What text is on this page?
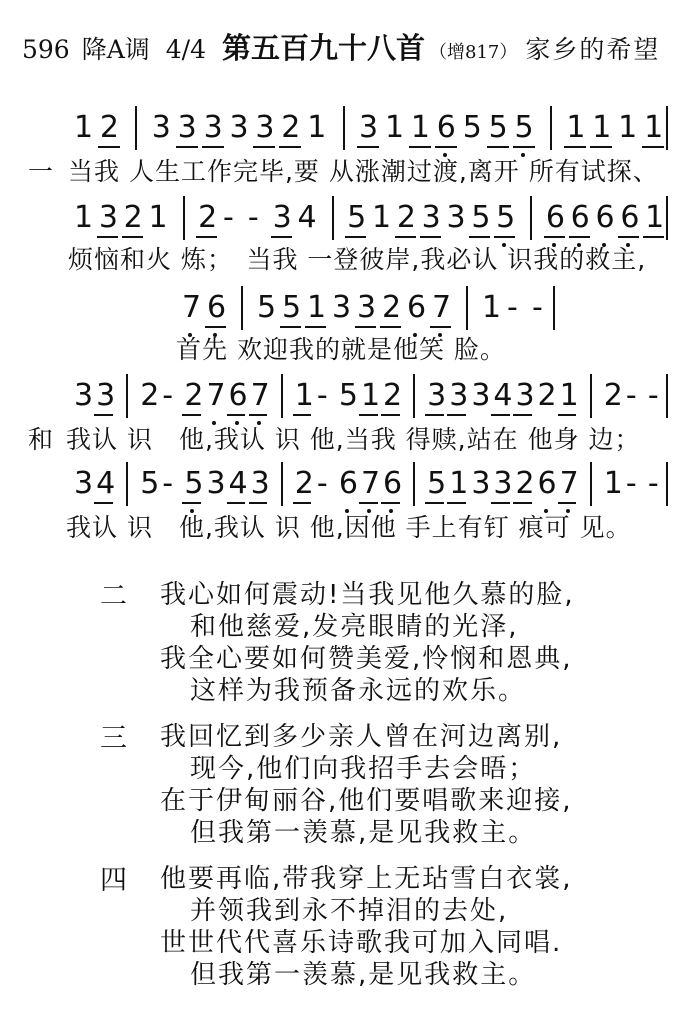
596 降A调 4/4 第五百九十八首 （增817） 家乡的希望
1 2 3 3 3 3 3 2 1 3 1 1 6 5 5 5 1 1 1 1
一 当我 人生工作完毕,要 从涨潮过渡,离开 所有试探、
1 3 2 1 2 - - 3 4 5 1 2 3 3 5 5 6 6 6 6 1
烦恼和火 炼；　当我 一登彼岸,我必认 识我的救主,
7 6 5 5 1 3 3 2 6 7 1 - -
首先 欢迎我的就是他笑 脸。
3 3 2 - 2 7 6 7 1 - 5 1 2 3 3 3 4 3 2 1 2 - -
和 我认 识　他,我认 识 他,当我 得赎,站在 他身 边；
3 4 5 - 5 3 4 3 2 - 6 7 6 5 1 3 3 2 6 7 1 - -
我认 识　他,我认 识 他,因他 手上有钉 痕可 见。
二 我心如何震动!当我见他久慕的脸,
和他慈爱,发亮眼睛的光泽,
我全心要如何赞美爱,怜悯和恩典,
这样为我预备永远的欢乐。
三 我回忆到多少亲人曾在河边离别,
现今,他们向我招手去会晤；
在于伊甸丽谷,他们要唱歌来迎接,
但我第一羡慕,是见我救主。
四 他要再临,带我穿上无玷雪白衣裳,
并领我到永不掉泪的去处,
世世代代喜乐诗歌我可加入同唱.
但我第一羡慕,是见我救主。
